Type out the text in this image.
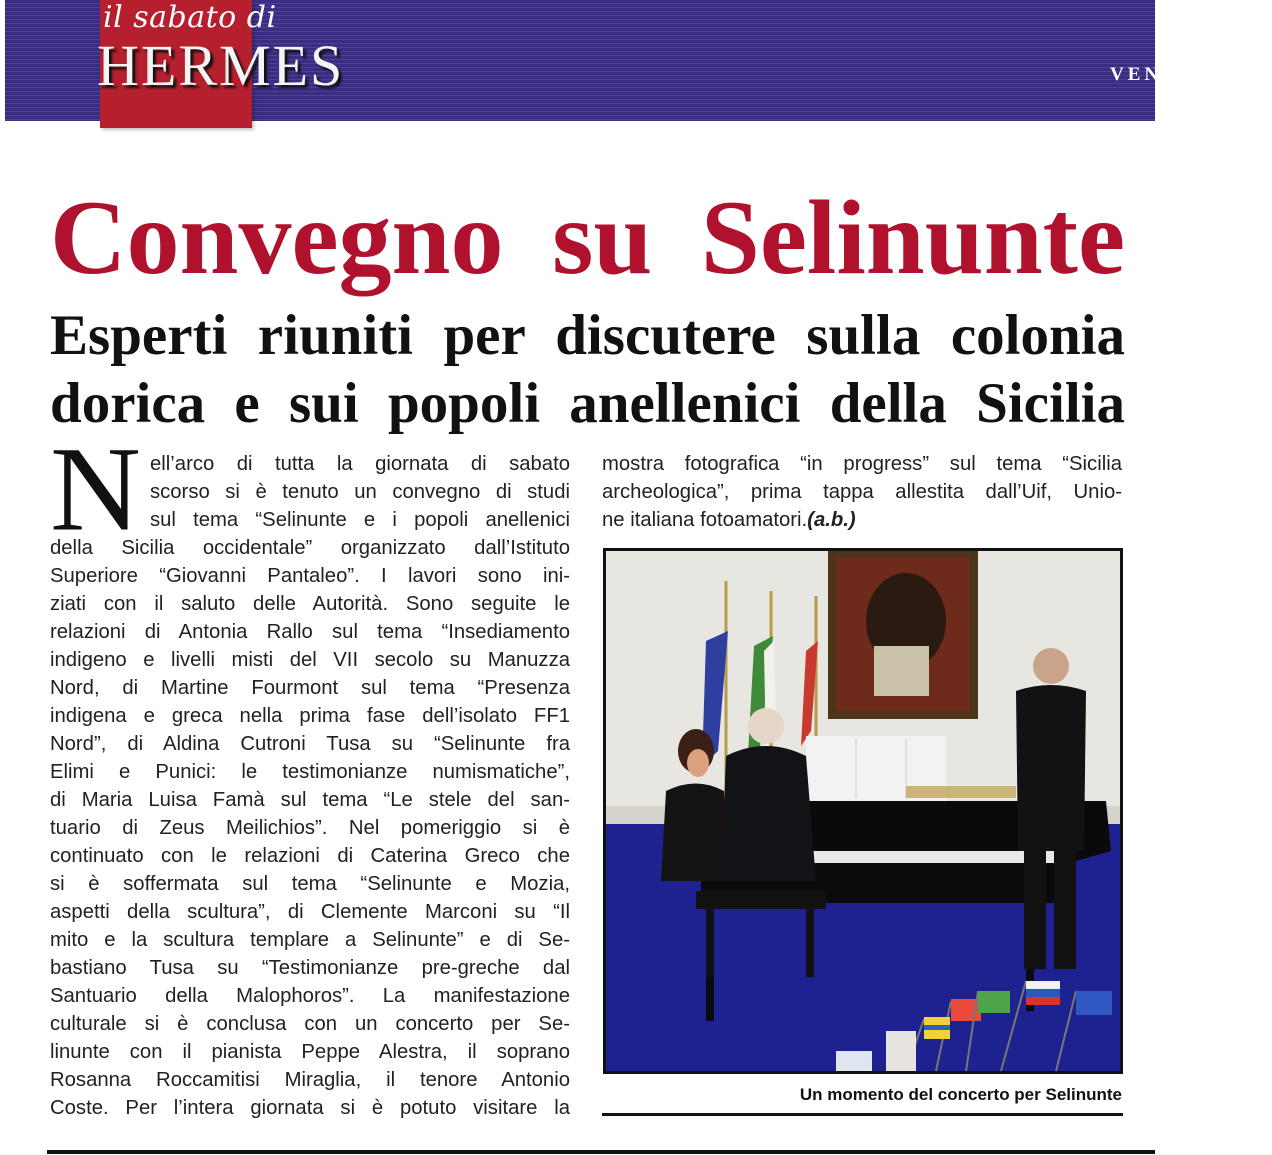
il sabato di
HERMES	VEN
Convegno su Selinunte
Esperti riuniti per discutere sulla colonia
dorica e sui popoli anellenici della Sicilia
N ell’arco di tutta la giornata di sabato
scorso si è tenuto un convegno di studi
sul tema “Selinunte e i popoli anellenici
della Sicilia occidentale” organizzato dall’Istituto
Superiore “Giovanni Pantaleo”. I lavori sono ini-
ziati con il saluto delle Autorità. Sono seguite le
relazioni di Antonia Rallo sul tema “Insediamento
indigeno e livelli misti del VII secolo su Manuzza
Nord, di Martine Fourmont sul tema “Presenza
indigena e greca nella prima fase dell’isolato FF1
Nord”, di Aldina Cutroni Tusa su “Selinunte fra
Elimi e Punici: le testimonianze numismatiche”,
di Maria Luisa Famà sul tema “Le stele del san-
tuario di Zeus Meilichios”. Nel pomeriggio si è
continuato con le relazioni di Caterina Greco che
si è soffermata sul tema “Selinunte e Mozia,
aspetti della scultura”, di Clemente Marconi su “Il
mito e la scultura templare a Selinunte” e di Se-
bastiano Tusa su “Testimonianze pre-greche dal
Santuario della Malophoros”. La manifestazione
culturale si è conclusa con un concerto per Se-
linunte con il pianista Peppe Alestra, il soprano
Rosanna Roccamitisi Miraglia, il tenore Antonio
Coste. Per l’intera giornata si è potuto visitare la
mostra fotografica “in progress” sul tema “Sicilia
archeologica”, prima tappa allestita dall’Uif, Unio-
ne italiana fotoamatori.(a.b.)
Un momento del concerto per Selinunte
